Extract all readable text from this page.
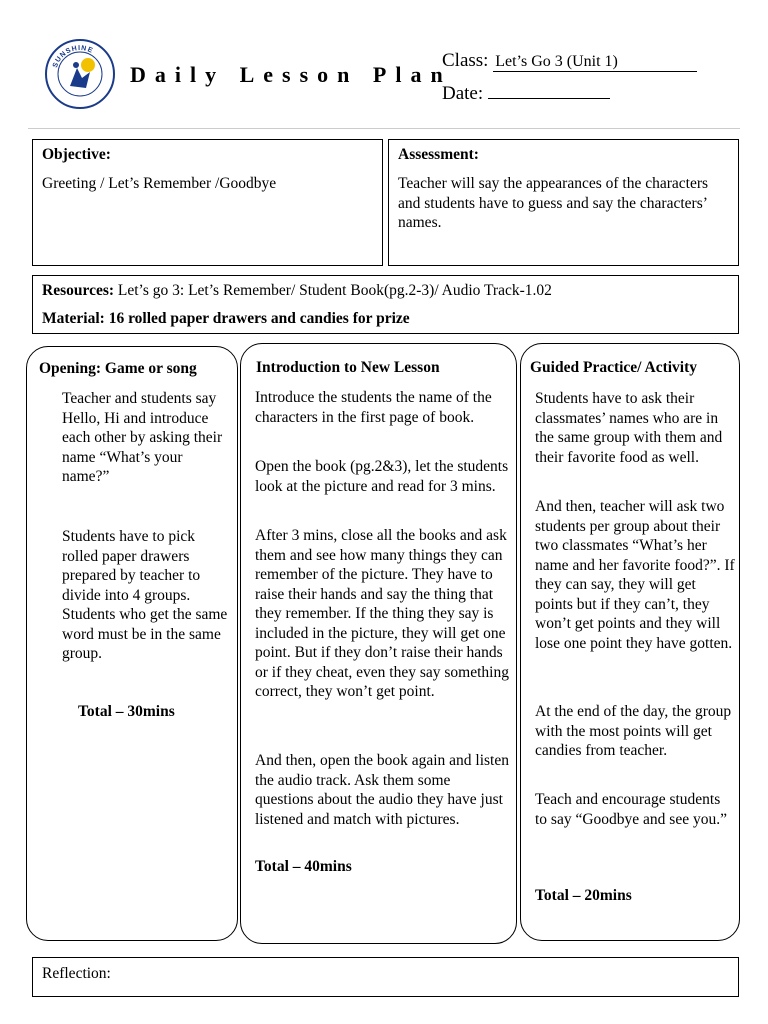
SUNSHINE
Daily Lesson Plan
Class: Let’s Go 3 (Unit 1)
Date:
Objective:

Greeting / Let’s Remember /Goodbye

Assessment:

Teacher will say the appearances of the characters and students have to guess and say the characters’ names.

Resources: Let’s go 3: Let’s Remember/ Student Book(pg.2-3)/ Audio Track-1.02

Material: 16 rolled paper drawers and candies for prize

Opening: Game or song
Teacher and students say Hello, Hi and introduce each other by asking their name “What’s your name?”
Students have to pick rolled paper drawers prepared by teacher to divide into 4 groups. Students who get the same word must be in the same group.
Total – 30mins
Introduction to New Lesson
Introduce the students the name of the characters in the first page of book.
Open the book (pg.2&3), let the students look at the picture and read for 3 mins.
After 3 mins, close all the books and ask them and see how many things they can remember of the picture. They have to raise their hands and say the thing that they remember. If the thing they say is included in the picture, they will get one point. But if they don’t raise their hands or if they cheat, even they say something correct, they won’t get point.
And then, open the book again and listen the audio track. Ask them some questions about the audio they have just listened and match with pictures.
Total – 40mins
Guided Practice/ Activity
Students have to ask their classmates’ names who are in the same group with them and their favorite food as well.
And then, teacher will ask two students per group about their two classmates “What’s her name and her favorite food?”. If they can say, they will get points but if they can’t, they won’t get points and they will lose one point they have gotten.
At the end of the day, the group with the most points will get candies from teacher.
Teach and encourage students to say “Goodbye and see you.”
Total – 20mins

Reflection:
